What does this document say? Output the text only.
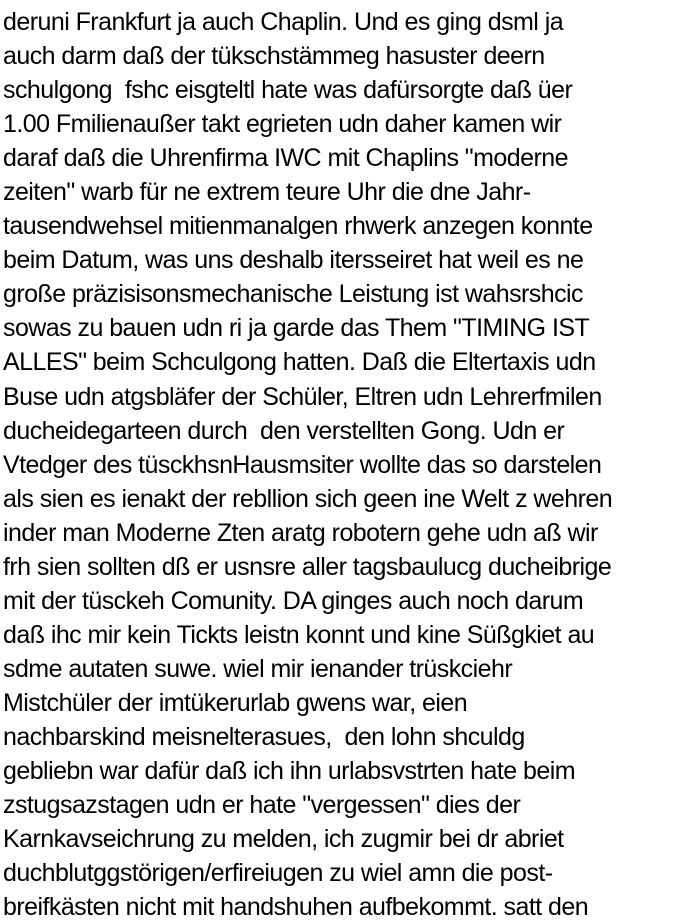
deruni Frankfurt ja auch Chaplin. Und es ging dsml ja
auch darm daß der tükschstämmeg hasuster deern
schulgong  fshc eisgteltl hate was dafürsorgte daß üer
1.00 Fmilienaußer takt egrieten udn daher kamen wir
daraf daß die Uhrenfirma IWC mit Chaplins "moderne
zeiten" warb für ne extrem teure Uhr die dne Jahr-
tausendwehsel mitienmanalgen rhwerk anzegen konnte
beim Datum, was uns deshalb itersseiret hat weil es ne
große präzisisonsmechanische Leistung ist wahsrshcic
sowas zu bauen udn ri ja garde das Them "TIMING IST
ALLES" beim Schculgong hatten. Daß die Eltertaxis udn
Buse udn atgsbläfer der Schüler, Eltren udn Lehrerfmilen
ducheidegarteen durch  den verstellten Gong. Udn er
Vtedger des tüsckhsnHausmsiter wollte das so darstelen
als sien es ienakt der rebllion sich geen ine Welt z wehren
inder man Moderne Zten aratg robotern gehe udn aß wir
frh sien sollten dß er usnsre aller tagsbaulucg ducheibrige
mit der tüsckeh Comunity. DA ginges auch noch darum
daß ihc mir kein Tickts leistn konnt und kine Süßgkiet au
sdme autaten suwe. wiel mir ienander trüskciehr
Mistchüler der imtükerurlab gwens war, eien
nachbarskind meisnelterasues,  den lohn shculdg
gebliebn war dafür daß ich ihn urlabsvstrten hate beim
zstugsazstagen udn er hate "vergessen" dies der
Karnkavseichrung zu melden, ich zugmir bei dr abriet
duchblutggstörigen/erfireiugen zu wiel amn die post-
breifkästen nicht mit handshuhen aufbekommt. satt den
